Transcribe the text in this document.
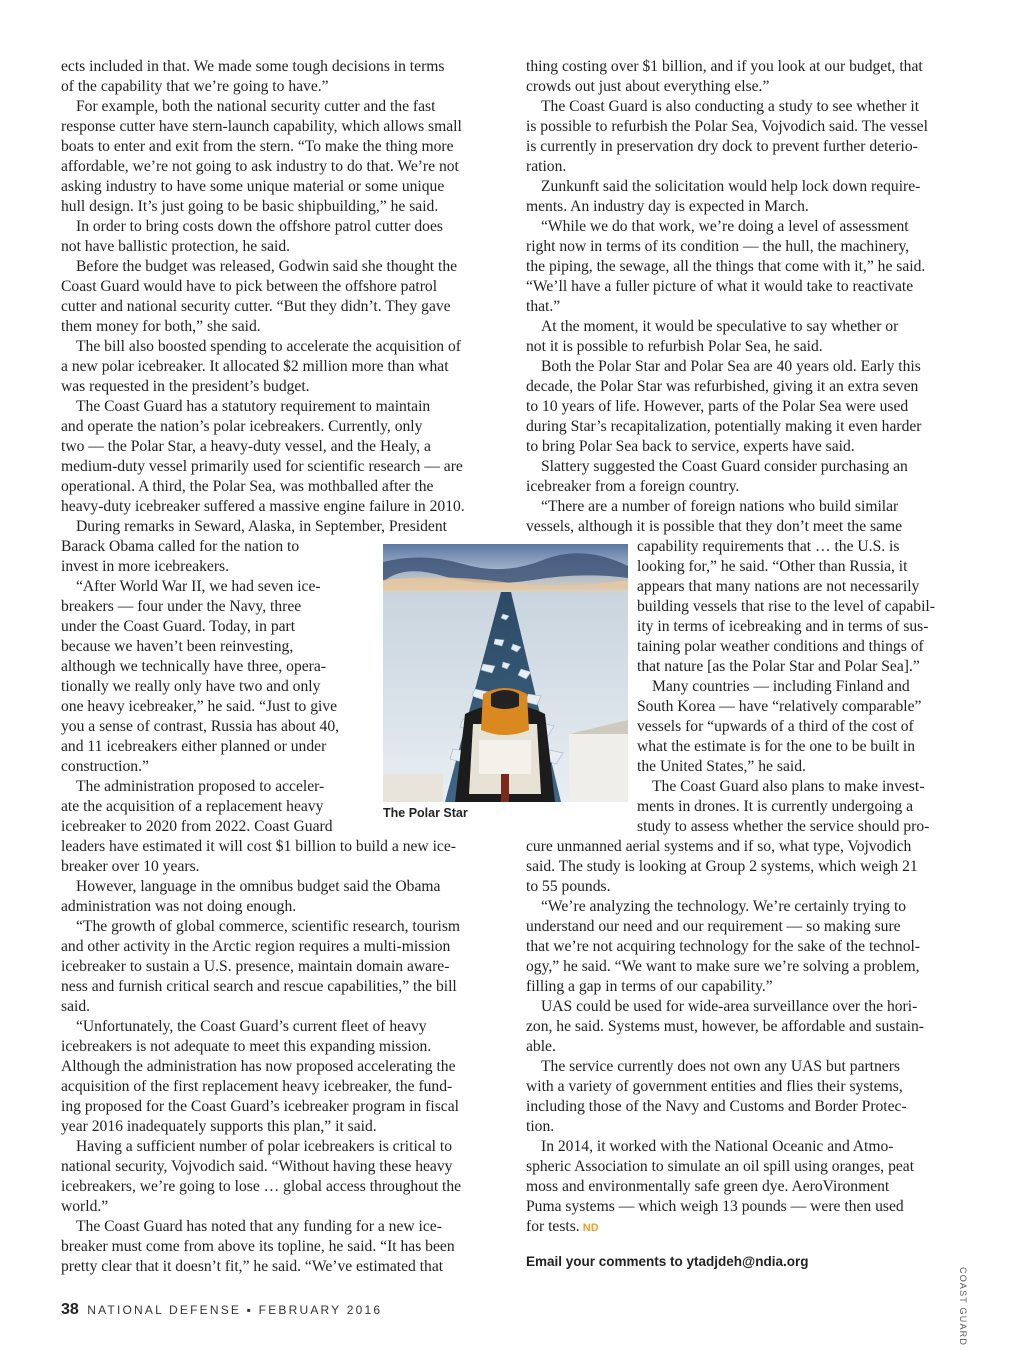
ects included in that. We made some tough decisions in terms
of the capability that we’re going to have.”
For example, both the national security cutter and the fast
response cutter have stern-launch capability, which allows small
boats to enter and exit from the stern. “To make the thing more
affordable, we’re not going to ask industry to do that. We’re not
asking industry to have some unique material or some unique
hull design. It’s just going to be basic shipbuilding,” he said.
In order to bring costs down the offshore patrol cutter does
not have ballistic protection, he said.
Before the budget was released, Godwin said she thought the
Coast Guard would have to pick between the offshore patrol
cutter and national security cutter. “But they didn’t. They gave
them money for both,” she said.
The bill also boosted spending to accelerate the acquisition of
a new polar icebreaker. It allocated $2 million more than what
was requested in the president’s budget.
The Coast Guard has a statutory requirement to maintain
and operate the nation’s polar icebreakers. Currently, only
two — the Polar Star, a heavy-duty vessel, and the Healy, a
medium-duty vessel primarily used for scientific research — are
operational. A third, the Polar Sea, was mothballed after the
heavy-duty icebreaker suffered a massive engine failure in 2010.
During remarks in Seward, Alaska, in September, President
Barack Obama called for the nation to
invest in more icebreakers.
“After World War II, we had seven ice-
breakers — four under the Navy, three
under the Coast Guard. Today, in part
because we haven’t been reinvesting,
although we technically have three, opera-
tionally we really only have two and only
one heavy icebreaker,” he said. “Just to give
you a sense of contrast, Russia has about 40,
and 11 icebreakers either planned or under
construction.”
The administration proposed to acceler-
ate the acquisition of a replacement heavy
icebreaker to 2020 from 2022. Coast Guard
leaders have estimated it will cost $1 billion to build a new ice-
breaker over 10 years.
However, language in the omnibus budget said the Obama
administration was not doing enough.
“The growth of global commerce, scientific research, tourism
and other activity in the Arctic region requires a multi-mission
icebreaker to sustain a U.S. presence, maintain domain aware-
ness and furnish critical search and rescue capabilities,” the bill
said.
“Unfortunately, the Coast Guard’s current fleet of heavy
icebreakers is not adequate to meet this expanding mission.
Although the administration has now proposed accelerating the
acquisition of the first replacement heavy icebreaker, the fund-
ing proposed for the Coast Guard’s icebreaker program in fiscal
year 2016 inadequately supports this plan,” it said.
Having a sufficient number of polar icebreakers is critical to
national security, Vojvodich said. “Without having these heavy
icebreakers, we’re going to lose … global access throughout the
world.”
The Coast Guard has noted that any funding for a new ice-
breaker must come from above its topline, he said. “It has been
pretty clear that it doesn’t fit,” he said. “We’ve estimated that
thing costing over $1 billion, and if you look at our budget, that
crowds out just about everything else.”
The Coast Guard is also conducting a study to see whether it
is possible to refurbish the Polar Sea, Vojvodich said. The vessel
is currently in preservation dry dock to prevent further deterio-
ration.
Zunkunft said the solicitation would help lock down require-
ments. An industry day is expected in March.
“While we do that work, we’re doing a level of assessment
right now in terms of its condition — the hull, the machinery,
the piping, the sewage, all the things that come with it,” he said.
“We’ll have a fuller picture of what it would take to reactivate
that.”
At the moment, it would be speculative to say whether or
not it is possible to refurbish Polar Sea, he said.
Both the Polar Star and Polar Sea are 40 years old. Early this
decade, the Polar Star was refurbished, giving it an extra seven
to 10 years of life. However, parts of the Polar Sea were used
during Star’s recapitalization, potentially making it even harder
to bring Polar Sea back to service, experts have said.
Slattery suggested the Coast Guard consider purchasing an
icebreaker from a foreign country.
“There are a number of foreign nations who build similar
vessels, although it is possible that they don’t meet the same
capability requirements that … the U.S. is
looking for,” he said. “Other than Russia, it
appears that many nations are not necessarily
building vessels that rise to the level of capabil-
ity in terms of icebreaking and in terms of sus-
taining polar weather conditions and things of
that nature [as the Polar Star and Polar Sea].”
Many countries — including Finland and
South Korea — have “relatively comparable”
vessels for “upwards of a third of the cost of
what the estimate is for the one to be built in
the United States,” he said.
The Coast Guard also plans to make invest-
ments in drones. It is currently undergoing a
study to assess whether the service should pro-
cure unmanned aerial systems and if so, what type, Vojvodich
said. The study is looking at Group 2 systems, which weigh 21
to 55 pounds.
“We’re analyzing the technology. We’re certainly trying to
understand our need and our requirement — so making sure
that we’re not acquiring technology for the sake of the technol-
ogy,” he said. “We want to make sure we’re solving a problem,
filling a gap in terms of our capability.”
UAS could be used for wide-area surveillance over the hori-
zon, he said. Systems must, however, be affordable and sustain-
able.
The service currently does not own any UAS but partners
with a variety of government entities and flies their systems,
including those of the Navy and Customs and Border Protec-
tion.
In 2014, it worked with the National Oceanic and Atmo-
spheric Association to simulate an oil spill using oranges, peat
moss and environmentally safe green dye. AeroVironment
Puma systems — which weigh 13 pounds — were then used
for tests. ND
The Polar Star
Email your comments to ytadjdeh@ndia.org
COAST GUARD
38 NATIONAL DEFENSE ▪ FEBRUARY 2016
